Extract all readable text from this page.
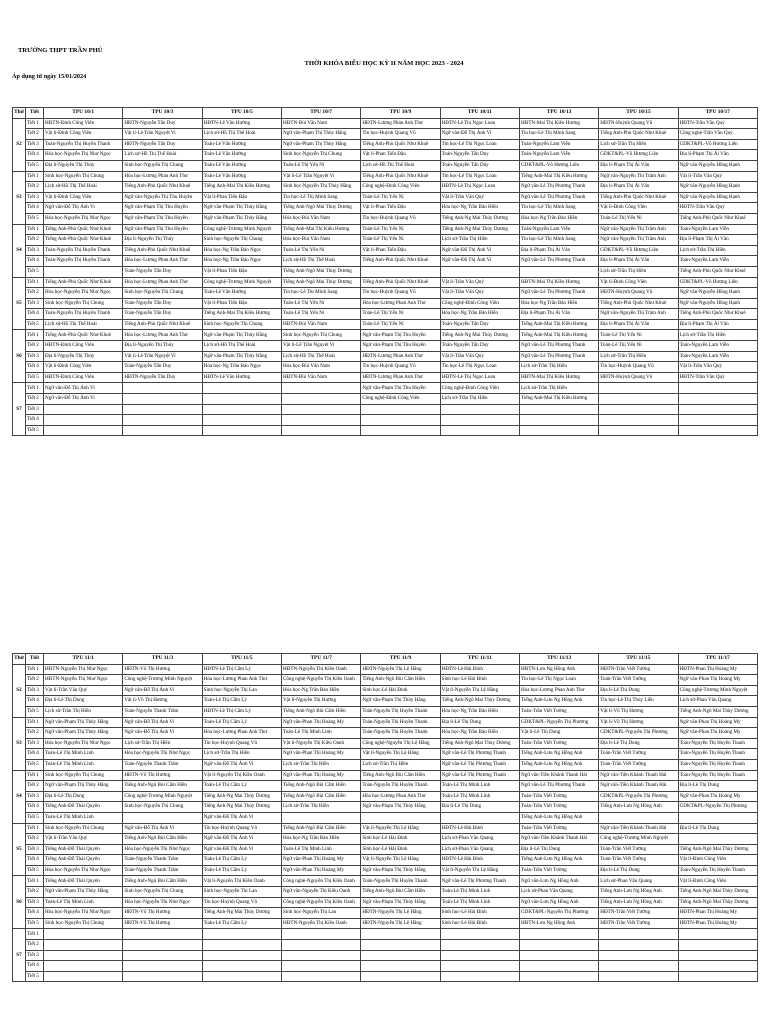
TRƯỜNG THPT TRẦN PHÚ
THỜI KHÓA BIỂU HỌC KỲ II NĂM HỌC 2023 - 2024
Áp dụng từ ngày 15/01/2024
Thứ	Tiết	TPU 10/1	TPU 10/3	TPU 10/5	TPU 10/7	TPU 10/9	TPU 10/11	TPU 10/13	TPU 10/15	TPU 10/17
S2	Tiết 1	HĐTN-Đinh Công Viên	HĐTN-Nguyễn Tấn Duy	HĐTN-Lê Văn Hướng	HĐTN-Bùi Văn Nam	HĐTN-Lương Phan Anh Thư	HĐTN-Lê Thị Ngọc Loan	HĐTN-Mai Thị Kiều Hương	HĐTN-Huỳnh Quang Vũ	HĐTN-Trần Văn Quý
	Tiết 2	Vật lí-Đinh Công Viên	Vật lí-Lê Trần Nguyệt Vi	Lịch sử-Hồ Thị Thế Hoài	Ngữ văn-Phạm Thị Thủy Hằng	Tin học-Huỳnh Quang Vũ	Ngữ văn-Đỗ Thị Ánh Vi	Tin học-Lê Thị Minh Sang	Tiếng Anh-Phù Quốc Như Khuê	Công nghệ-Trần Văn Quý
	Tiết 3	Toán-Nguyễn Thị Huyền Thanh	HĐTN-Nguyễn Tấn Duy	Toán-Lê Văn Hướng	Ngữ văn-Phạm Thị Thủy Hằng	Tiếng Anh-Phù Quốc Như Khuê	Tin học-Lê Thị Ngọc Loan	Toán-Nguyễn Lam Viễn	Lịch sử-Trần Thị Hiền	GDKT&PL-Võ Hương Liên
	Tiết 4	Hóa học-Nguyễn Thị Như Ngọc	Lịch sử-Hồ Thị Thế Hoài	Toán-Lê Văn Hướng	Sinh học-Nguyễn Thị Chung	Vật lí-Phan Tiến Đậu	Toán-Nguyễn Tấn Duy	Toán-Nguyễn Lam Viễn	GDKT&PL-Võ Hương Liên	Địa lí-Phạm Thị Ái Vân
	Tiết 5	Địa lí-Nguyễn Thị Thúy	Sinh học-Nguyễn Thị Chung	Toán-Lê Văn Hướng	Toán-Lê Thị Yến Ní	Lịch sử-Hồ Thị Thế Hoài	Toán-Nguyễn Tấn Duy	GDKT&PL-Võ Hương Liên	Địa lí-Phạm Thị Ái Vân	Ngữ văn-Nguyễn Hồng Hạnh
S3	Tiết 1	Sinh học-Nguyễn Thị Chung	Hóa học-Lương Phan Anh Thư	Toán-Lê Văn Hướng	Vật lí-Lê Trần Nguyệt Vi	Tiếng Anh-Phù Quốc Như Khuê	Tin học-Lê Thị Ngọc Loan	Tiếng Anh-Mai Thị Kiều Hương	Ngữ văn-Nguyễn Thị Trâm Anh	Vật lí-Trần Văn Quý
	Tiết 2	Lịch sử-Hồ Thị Thế Hoài	Tiếng Anh-Phù Quốc Như Khuê	Tiếng Anh-Mai Thị Kiều Hương	Sinh học-Nguyễn Thị Thúy Hằng	Công nghệ-Đinh Công Viên	HĐTN-Lê Thị Ngọc Loan	Ngữ văn-Lê Thị Phương Thanh	Địa lí-Phạm Thị Ái Vân	Ngữ văn-Nguyễn Hồng Hạnh
	Tiết 3	Vật lí-Đinh Công Viên	Ngữ văn-Nguyễn Thị Thu Huyền	Vật lí-Phan Tiến Đậu	Tin học-Lê Thị Minh Sang	Toán-Lê Thị Yến Ní	Vật lí-Trần Văn Quý	Ngữ văn-Lê Thị Phương Thanh	Tiếng Anh-Phù Quốc Như Khuê	Ngữ văn-Nguyễn Hồng Hạnh
	Tiết 4	Ngữ văn-Đỗ Thị Ánh Vi	Ngữ văn-Phạm Thị Thu Huyền	Ngữ văn-Phạm Thị Thủy Hằng	Tiếng Anh-Ngô Mai Thùy Dương	Vật lí-Phan Tiến Đậu	Hóa học-Ng Trần Bảo Hiền	Tin học-Lê Thị Minh Sang	Vật lí-Đinh Công Viên	HĐTN-Trần Văn Quý
	Tiết 5	Hóa học-Nguyễn Thị Như Ngọc	Ngữ văn-Phạm Thị Thu Huyền	Ngữ văn-Phạm Thị Thủy Hằng	Hóa học-Bùi Văn Nam	Tin học-Huỳnh Quang Vũ	Tiếng Anh-Ng Mai Thùy Dương	Hóa học-Ng Trần Bảo Hiền	Toán-Lê Thị Yến Ní	Tiếng Anh-Phù Quốc Như Khuê
S4	Tiết 1	Tiếng Anh-Phù Quốc Như Khuê	Ngữ văn-Phạm Thị Thu Huyền	Công nghệ-Trương Minh Nguyệt	Tiếng Anh-Mai Thị Kiều Hương	Toán-Lê Thị Yến Ní	Tiếng Anh-Ng Mai Thùy Dương	Toán-Nguyễn Lam Viễn	Ngữ văn-Nguyễn Thị Trâm Anh	Toán-Nguyễn Lam Viễn
	Tiết 2	Tiếng Anh-Phù Quốc Như Khuê	Địa lí-Nguyễn Thị Thúy	Sinh học-Nguyễn Thị Chung	Hóa học-Bùi Văn Nam	Toán-Lê Thị Yến Ní	Lịch sử-Trần Thị Hiền	Tin học-Lê Thị Minh Sang	Ngữ văn-Nguyễn Thị Trâm Anh	Địa lí-Phạm Thị Ái Vân
	Tiết 3	Toán-Nguyễn Thị Huyền Thanh	Tiếng Anh-Phù Quốc Như Khuê	Hóa học-Ng Trần Bảo Ngọc	Toán-Lê Thị Yến Ní	Vật lí-Phan Tiến Đậu	Ngữ văn-Đỗ Thị Ánh Vi	Địa lí-Phạm Thị Ái Vân	GDKT&PL-Võ Hương Liên	Lịch sử-Trần Thị Hiền
	Tiết 4	Toán-Nguyễn Thị Huyền Thanh	Hóa học-Lương Phan Anh Thư	Hóa học-Ng Trần Bảo Ngọc	Lịch sử-Hồ Thị Thế Hoài	Tiếng Anh-Phù Quốc Như Khuê	Ngữ văn-Đỗ Thị Ánh Vi	Ngữ văn-Lê Thị Phương Thanh	Địa lí-Phạm Thị Ái Vân	Toán-Nguyễn Lam Viễn
	Tiết 5		Toán-Nguyễn Tấn Duy	Vật lí-Phan Tiến Đậu	Tiếng Anh-Ngô Mai Thùy Dương				Lịch sử-Trần Thị Hiền	Tiếng Anh-Phù Quốc Như Khuê
S5	Tiết 1	Tiếng Anh-Phù Quốc Như Khuê	Hóa học-Lương Phan Anh Thư	Công nghệ-Trương Minh Nguyệt	Tiếng Anh-Ngô Mai Thùy Dương	Tiếng Anh-Phù Quốc Như Khuê	Vật lí-Trần Văn Quý	HĐTN-Mai Thị Kiều Hương	Vật lí-Đinh Công Viên	GDKT&PL-Võ Hương Liên
	Tiết 2	Hóa học-Nguyễn Thị Như Ngọc	Sinh học-Nguyễn Thị Chung	Toán-Lê Văn Hướng	Tin học-Lê Thị Minh Sang	Tin học-Huỳnh Quang Vũ	Vật lí-Trần Văn Quý	Ngữ văn-Lê Thị Phương Thanh	HĐTN-Huỳnh Quang Vũ	Ngữ văn-Nguyễn Hồng Hạnh
	Tiết 3	Sinh học-Nguyễn Thị Chung	Toán-Nguyễn Tấn Duy	Vật lí-Phan Tiến Đậu	Toán-Lê Thị Yến Ní	Hóa học-Lương Phan Anh Thư	Công nghệ-Đinh Công Viên	Hóa học-Ng Trần Bảo Hiền	Tiếng Anh-Phù Quốc Như Khuê	Ngữ văn-Nguyễn Hồng Hạnh
	Tiết 4	Toán-Nguyễn Thị Huyền Thanh	Toán-Nguyễn Tấn Duy	Tiếng Anh-Mai Thị Kiều Hương	Toán-Lê Thị Yến Ní	Toán-Lê Thị Yến Ní	Hóa học-Ng Trần Bảo Hiền	Địa lí-Phạm Thị Ái Vân	Ngữ văn-Nguyễn Thị Trâm Anh	Tiếng Anh-Phù Quốc Như Khuê
	Tiết 5	Lịch sử-Hồ Thị Thế Hoài	Tiếng Anh-Phù Quốc Như Khuê	Sinh học-Nguyễn Thị Chung	HĐTN-Bùi Văn Nam	Toán-Lê Thị Yến Ní	Toán-Nguyễn Tấn Duy	Tiếng Anh-Mai Thị Kiều Hương	Địa lí-Phạm Thị Ái Vân	Địa lí-Phạm Thị Ái Vân
S6	Tiết 1	Tiếng Anh-Phù Quốc Như Khuê	Hóa học-Lương Phan Anh Thư	Ngữ văn-Phạm Thị Thủy Hằng	Sinh học-Nguyễn Thị Chung	Ngữ văn-Phạm Thị Thu Huyền	Tiếng Anh-Ng Mai Thùy Dương	Tiếng Anh-Mai Thị Kiều Hương	Toán-Lê Thị Yến Ní	Lịch sử-Trần Thị Hiền
	Tiết 2	HĐTN-Đinh Công Viên	Địa lí-Nguyễn Thị Thúy	Lịch sử-Hồ Thị Thế Hoài	Vật lí-Lê Trần Nguyệt Vi	Ngữ văn-Phạm Thị Thu Huyền	Toán-Nguyễn Tấn Duy	Ngữ văn-Lê Thị Phương Thanh	Toán-Lê Thị Yến Ní	Toán-Nguyễn Lam Viễn
	Tiết 3	Địa lí-Nguyễn Thị Thúy	Vật lí-Lê Trần Nguyệt Vi	Ngữ văn-Phạm Thị Thủy Hằng	Lịch sử-Hồ Thị Thế Hoài	HĐTN-Lương Phan Anh Thư	Vật lí-Trần Văn Quý	Ngữ văn-Lê Thị Phương Thanh	Lịch sử-Trần Thị Hiền	Toán-Nguyễn Lam Viễn
	Tiết 4	Vật lí-Đinh Công Viên	Toán-Nguyễn Tấn Duy	Hóa học-Ng Trần Bảo Ngọc	Hóa học-Bùi Văn Nam	Tin học-Huỳnh Quang Vũ	Tin học-Lê Thị Ngọc Loan	Lịch sử-Trần Thị Hiền	Tin học-Huỳnh Quang Vũ	Vật lí-Trần Văn Quý
	Tiết 5	HĐTN-Đinh Công Viên	HĐTN-Nguyễn Tấn Duy	HĐTN-Lê Văn Hướng	HĐTN-Bùi Văn Nam	HĐTN-Lương Phan Anh Thư	HĐTN-Lê Thị Ngọc Loan	HĐTN-Mai Thị Kiều Hương	HĐTN-Huỳnh Quang Vũ	HĐTN-Trần Văn Quý
S7	Tiết 1	Ngữ văn-Đỗ Thị Ánh Vi				Ngữ văn-Phạm Thị Thu Huyền	Công nghệ-Đinh Công Viên	Lịch sử-Trần Thị Hiền		
	Tiết 2	Ngữ văn-Đỗ Thị Ánh Vi				Công nghệ-Đinh Công Viên	Lịch sử-Trần Thị Hiền	Tiếng Anh-Mai Thị Kiều Hương		
	Tiết 3									
	Tiết 4									
	Tiết 5									
Thứ	Tiết	TPU 11/1	TPU 11/3	TPU 11/5	TPU 11/7	TPU 11/9	TPU 11/11	TPU 11/13	TPU 11/15	TPU 11/17
S2	Tiết 1	HĐTN-Nguyễn Thị Như Ngọc	HĐTN-Võ Thị Hương	HĐTN-Lê Thị Cẩm Lý	HĐTN-Nguyễn Thị Kiều Oanh	HĐTN-Nguyễn Thị Lệ Hằng	HĐTN-Lê Hải Đình	HĐTN-Lưu Ng Hồng Anh	HĐTN-Trần Viết Tường	HĐTN-Phan Thị Hoàng My
	Tiết 2	HĐTN-Nguyễn Thị Như Ngọc	Công nghệ-Trương Minh Nguyệt	Hóa học-Lương Phan Anh Thư	Công nghệ-Nguyễn Thị Kiều Oanh	Tiếng Anh-Ngô Bùi Cẩm Hiền	Sinh học-Lê Hải Đình	Tin học-Lê Thị Ngọc Loan	Toán-Trần Viết Tường	Ngữ văn-Phan Thị Hoàng My
	Tiết 3	Vật lí-Trần Văn Quý	Ngữ văn-Đỗ Thị Ánh Vi	Sinh học-Nguyễn Thị Lan	Hóa học-Ng Trần Bảo Hiền	Sinh học-Lê Hải Đình	Vật lí-Nguyễn Thị Lệ Hằng	Hóa học-Lương Phan Anh Thư	Địa lí-Lê Thị Dung	Công nghệ-Trương Minh Nguyệt
	Tiết 4	Địa lí-Lê Thị Dung	Vật lí-Võ Thị Hương	Toán-Lê Thị Cẩm Lý	Vật lí-Nguyễn Thị Hường	Ngữ văn-Phạm Thị Thủy Hằng	Tiếng Anh-Ngô Mai Thùy Dương	Tiếng Anh-Lưu Ng Hồng Anh	Tin học-Lê Thị Thúy Liễu	Lịch sử-Phan Văn Quang
	Tiết 5	Lịch sử-Trần Thị Hiền	Toán-Nguyễn Thanh Trâm	HĐTN-Lê Thị Cẩm Lý	Tiếng Anh-Ngô Bùi Cẩm Hiền	Toán-Nguyễn Thị Huyền Thanh	Hóa học-Ng Trần Bảo Hiền	Toán-Trần Viết Tường	Vật lí-Võ Thị Hương	Tiếng Anh-Ngô Mai Thùy Dương
S3	Tiết 1	Ngữ văn-Phạm Thị Thủy Hằng	Ngữ văn-Đỗ Thị Ánh Vi	Toán-Lê Thị Cẩm Lý	Ngữ văn-Phan Thị Hoàng My	Toán-Nguyễn Thị Huyền Thanh	Địa lí-Lê Thị Dung	GDKT&PL-Nguyễn Thị Phương	Vật lí-Võ Thị Hương	Ngữ văn-Phan Thị Hoàng My
	Tiết 2	Ngữ văn-Phạm Thị Thủy Hằng	Ngữ văn-Đỗ Thị Ánh Vi	Hóa học-Lương Phan Anh Thư	Toán-Lê Thị Minh Linh	Toán-Nguyễn Thị Huyền Thanh	Hóa học-Ng Trần Bảo Hiền	Vật lí-Lê Thị Dung	GDKT&PL-Nguyễn Thị Phương	Ngữ văn-Phan Thị Hoàng My
	Tiết 3	Hóa học-Nguyễn Thị Như Ngọc	Lịch sử-Trần Thị Hiền	Tin học-Huỳnh Quang Vũ	Vật lí-Nguyễn Thị Kiều Oanh	Công nghệ-Nguyễn Thị Lệ Hằng	Tiếng Anh-Ngô Mai Thùy Dương	Toán-Trần Viết Tường	Địa lí-Lê Thị Dung	Toán-Nguyễn Thị Huyền Thanh
	Tiết 4	Toán-Lê Thị Minh Linh	Hóa học-Nguyễn Thị Như Ngọc	Lịch sử-Trần Thị Hiền	Ngữ văn-Phan Thị Hoàng My	Vật lí-Nguyễn Thị Lệ Hằng	Ngữ văn-Lê Thị Phương Thanh	Tiếng Anh-Lưu Ng Hồng Anh	Toán-Trần Viết Tường	Toán-Nguyễn Thị Huyền Thanh
	Tiết 5	Toán-Lê Thị Minh Linh	Toán-Nguyễn Thanh Trâm	Ngữ văn-Đỗ Thị Ánh Vi	Lịch sử-Trần Thị Hiền	Lịch sử-Trần Thị Hiền	Ngữ văn-Lê Thị Phương Thanh	Tiếng Anh-Lưu Ng Hồng Anh	Toán-Trần Viết Tường	Toán-Nguyễn Thị Huyền Thanh
S4	Tiết 1	Sinh học-Nguyễn Thị Chung	HĐTN-Võ Thị Hương	Vật lí-Nguyễn Thị Kiều Oanh	Ngữ văn-Phan Thị Hoàng My	Tiếng Anh-Ngô Bùi Cẩm Hiền	Ngữ văn-Lê Thị Phương Thanh	Ngữ văn-Tiền Khánh Thanh Hải	Ngữ văn-Tiền Khánh Thanh Hải	Toán-Nguyễn Thị Huyền Thanh
	Tiết 2	Ngữ văn-Phạm Thị Thủy Hằng	Tiếng Anh-Ngô Bùi Cẩm Hiền	Toán-Lê Thị Cẩm Lý	Tiếng Anh-Ngô Bùi Cẩm Hiền	Toán-Nguyễn Thị Huyền Thanh	Toán-Lê Thị Minh Linh	Ngữ văn-Lê Thị Phương Thanh	Ngữ văn-Tiền Khánh Thanh Hải	Địa lí-Lê Thị Dung
	Tiết 3	Địa lí-Lê Thị Dung	Công nghệ-Trương Minh Nguyệt	Tiếng Anh-Ng Mai Thùy Dương	Tiếng Anh-Ngô Bùi Cẩm Hiền	Hóa học-Lương Phan Anh Thư	Toán-Lê Thị Minh Linh	Toán-Trần Viết Tường	GDKT&PL-Nguyễn Thị Phương	Ngữ văn-Phan Thị Hoàng My
	Tiết 4	Tiếng Anh-Đỗ Thái Quyên	Sinh học-Nguyễn Thị Chung	Tiếng Anh-Ng Mai Thùy Dương	Lịch sử-Trần Thị Hiền	Ngữ văn-Phạm Thị Thủy Hằng	Địa lí-Lê Thị Dung	Toán-Trần Viết Tường	Tiếng Anh-Lưu Ng Hồng Anh	GDKT&PL-Nguyễn Thị Phương
	Tiết 5	Toán-Lê Thị Minh Linh		Ngữ văn-Đỗ Thị Ánh Vi				Tiếng Anh-Lưu Ng Hồng Anh		
S5	Tiết 1	Sinh học-Nguyễn Thị Chung	Ngữ văn-Đỗ Thị Ánh Vi	Tin học-Huỳnh Quang Vũ	Tiếng Anh-Ngô Bùi Cẩm Hiền	Vật lí-Nguyễn Thị Lệ Hằng	HĐTN-Lê Hải Đình	Toán-Trần Viết Tường	Ngữ văn-Tiền Khánh Thanh Hải	Địa lí-Lê Thị Dung
	Tiết 2	Vật lí-Trần Văn Quý	Tiếng Anh-Ngô Bùi Cẩm Hiền	Ngữ văn-Đỗ Thị Ánh Vi	Hóa học-Ng Trần Bảo Hiền	Sinh học-Lê Hải Đình	Lịch sử-Phan Văn Quang	Ngữ văn-Tiền Khánh Thanh Hải	Công nghệ-Trương Minh Nguyệt	
	Tiết 3	Tiếng Anh-Đỗ Thái Quyên	Hóa học-Nguyễn Thị Như Ngọc	Ngữ văn-Đỗ Thị Ánh Vi	Toán-Lê Thị Minh Linh	Sinh học-Lê Hải Đình	Lịch sử-Phan Văn Quang	Địa lí-Lê Thị Dung	Toán-Trần Viết Tường	Tiếng Anh-Ngô Mai Thùy Dương
	Tiết 4	Tiếng Anh-Đỗ Thái Quyên	Toán-Nguyễn Thanh Trâm	Toán-Lê Thị Cẩm Lý	Ngữ văn-Phan Thị Hoàng My	Vật lí-Nguyễn Thị Lệ Hằng	HĐTN-Lê Hải Đình	Tiếng Anh-Lưu Ng Hồng Anh	Toán-Trần Viết Tường	Vật lí-Đinh Công Viên
	Tiết 5	Hóa học-Nguyễn Thị Như Ngọc	Toán-Nguyễn Thanh Trâm	Toán-Lê Thị Cẩm Lý	Ngữ văn-Phan Thị Hoàng My	Ngữ văn-Phạm Thị Thủy Hằng	Vật lí-Nguyễn Thị Lệ Hằng	Toán-Trần Viết Tường	Địa lí-Lê Thị Dung	Toán-Nguyễn Thị Huyền Thanh
S6	Tiết 1	Tiếng Anh-Đỗ Thái Quyên	Tiếng Anh-Ngô Bùi Cẩm Hiền	Vật lí-Nguyễn Thị Kiều Oanh	Công nghệ-Nguyễn Thị Kiều Oanh	Toán-Nguyễn Thị Huyền Thanh	Ngữ văn-Lê Thị Phương Thanh	Ngữ văn-Lưu Ng Hồng Anh	Lịch sử-Phan Văn Quang	Vật lí-Đinh Công Viên
	Tiết 2	Ngữ văn-Phạm Thị Thủy Hằng	Sinh học-Nguyễn Thị Chung	Sinh học-Nguyễn Thị Lan	Ngữ văn-Nguyễn Thị Kiều Oanh	Tiếng Anh-Ngô Bùi Cẩm Hiền	Toán-Lê Thị Minh Linh	Lịch sử-Phan Văn Quang	Tiếng Anh-Lưu Ng Hồng Anh	Tiếng Anh-Ngô Mai Thùy Dương
	Tiết 3	Toán-Lê Thị Minh Linh	Hóa học-Nguyễn Thị Như Ngọc	Tin học-Huỳnh Quang Vũ	Công nghệ-Nguyễn Thị Kiều Oanh	Ngữ văn-Phạm Thị Thủy Hằng	Toán-Lê Thị Minh Linh	Ngữ văn-Lưu Ng Hồng Anh	Tiếng Anh-Lưu Ng Hồng Anh	Tiếng Anh-Ngô Mai Thùy Dương
	Tiết 4	Hóa học-Nguyễn Thị Như Ngọc	HĐTN-Võ Thị Hương	Tiếng Anh-Ng Mai Thùy Dương	Sinh học-Nguyễn Thị Lan	HĐTN-Nguyễn Thị Lệ Hằng	Sinh học-Lê Hải Đình	GDKT&PL-Nguyễn Thị Phương	HĐTN-Trần Viết Tường	HĐTN-Phan Thị Hoàng My
	Tiết 5	Sinh học-Nguyễn Thị Chung	HĐTN-Võ Thị Hương	Toán-Lê Thị Cẩm Lý	HĐTN-Nguyễn Thị Kiều Oanh	HĐTN-Nguyễn Thị Lệ Hằng	Sinh học-Lê Hải Đình	HĐTN-Lưu Ng Hồng Anh	HĐTN-Trần Viết Tường	HĐTN-Phan Thị Hoàng My
S7	Tiết 1									
	Tiết 2									
	Tiết 3									
	Tiết 4									
	Tiết 5									
